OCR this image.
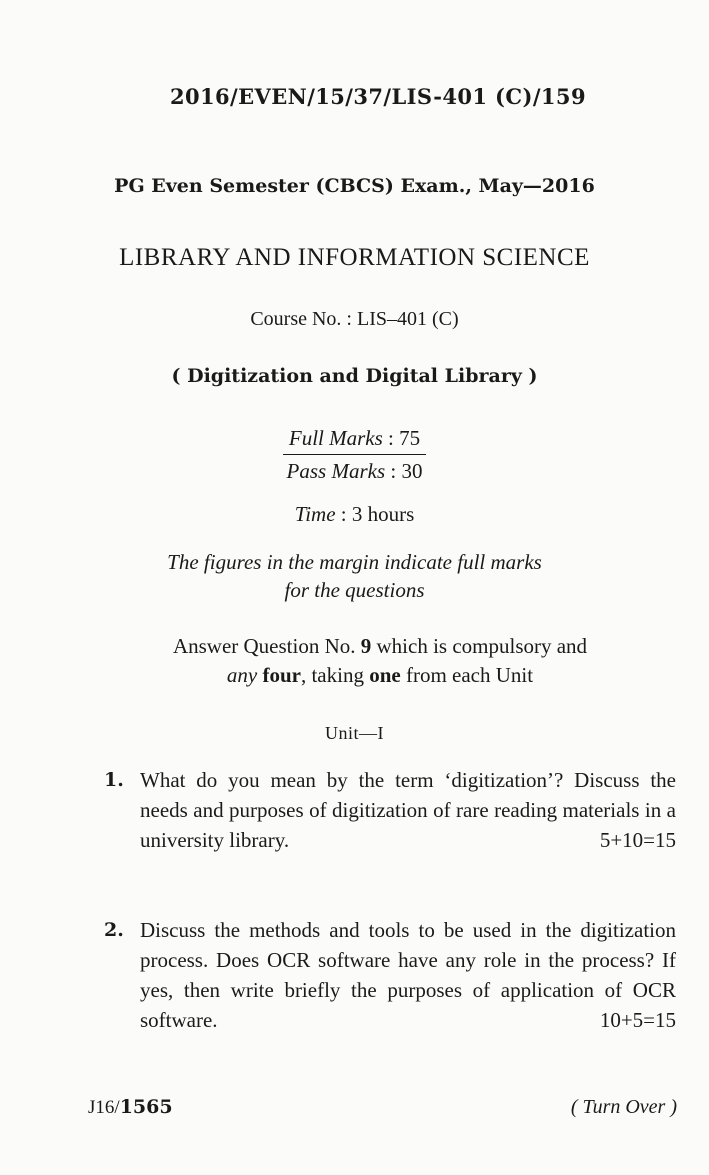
2016/EVEN/15/37/LIS-401 (C)/159
PG Even Semester (CBCS) Exam., May—2016
LIBRARY AND INFORMATION SCIENCE
Course No. : LIS–401 (C)
( Digitization and Digital Library )
Full Marks : 75
Pass Marks : 30
Time : 3 hours
The figures in the margin indicate full marks
for the questions
Answer Question No. 9 which is compulsory and
any four, taking one from each Unit
Unit—I
1. What do you mean by the term ‘digitization’? Discuss the needs and purposes of digitization of rare reading materials in a university library.	5+10=15
2. Discuss the methods and tools to be used in the digitization process. Does OCR software have any role in the process? If yes, then write briefly the purposes of application of OCR software.	10+5=15
J16/1565	( Turn Over )
